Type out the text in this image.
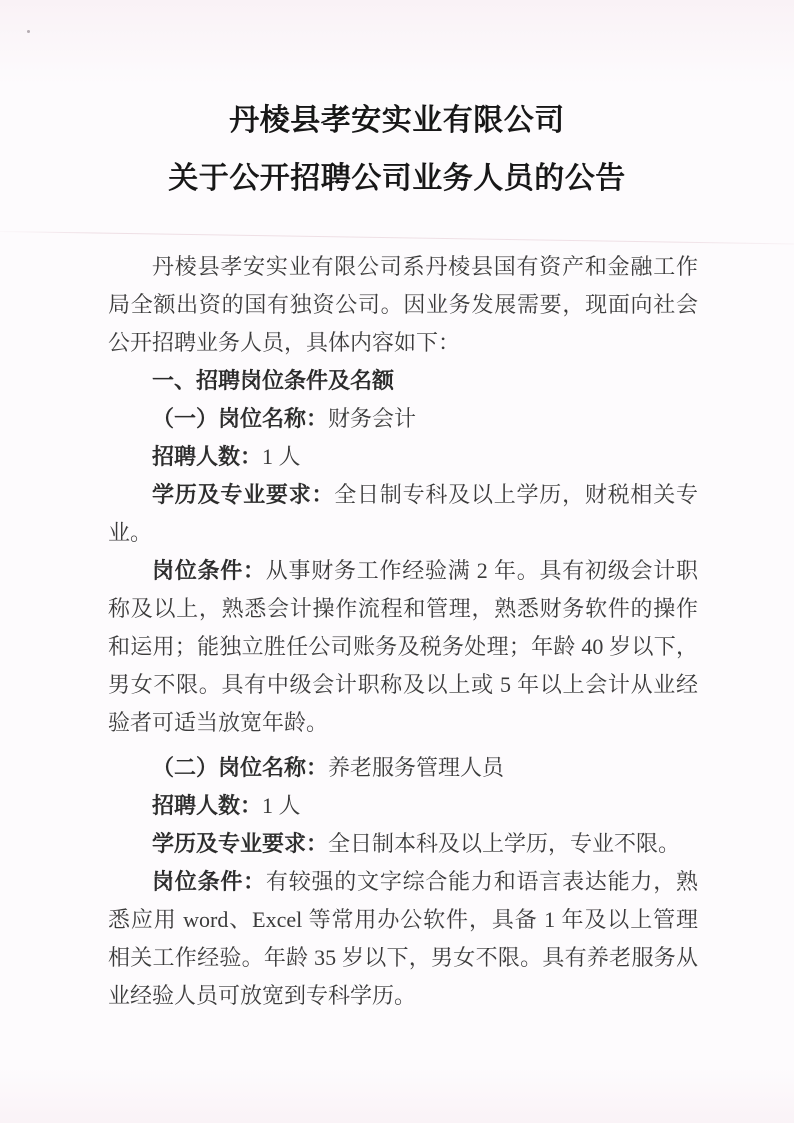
丹棱县孝安实业有限公司
关于公开招聘公司业务人员的公告

丹棱县孝安实业有限公司系丹棱县国有资产和金融工作局全额出资的国有独资公司。因业务发展需要，现面向社会公开招聘业务人员，具体内容如下：

一、招聘岗位条件及名额

（一）岗位名称：财务会计

招聘人数：1 人

学历及专业要求：全日制专科及以上学历，财税相关专业。

岗位条件：从事财务工作经验满 2 年。具有初级会计职称及以上，熟悉会计操作流程和管理，熟悉财务软件的操作和运用；能独立胜任公司账务及税务处理；年龄 40 岁以下，男女不限。具有中级会计职称及以上或 5 年以上会计从业经验者可适当放宽年龄。

（二）岗位名称：养老服务管理人员

招聘人数：1 人

学历及专业要求：全日制本科及以上学历，专业不限。

岗位条件：有较强的文字综合能力和语言表达能力，熟悉应用 word、Excel 等常用办公软件，具备 1 年及以上管理相关工作经验。年龄 35 岁以下，男女不限。具有养老服务从业经验人员可放宽到专科学历。
